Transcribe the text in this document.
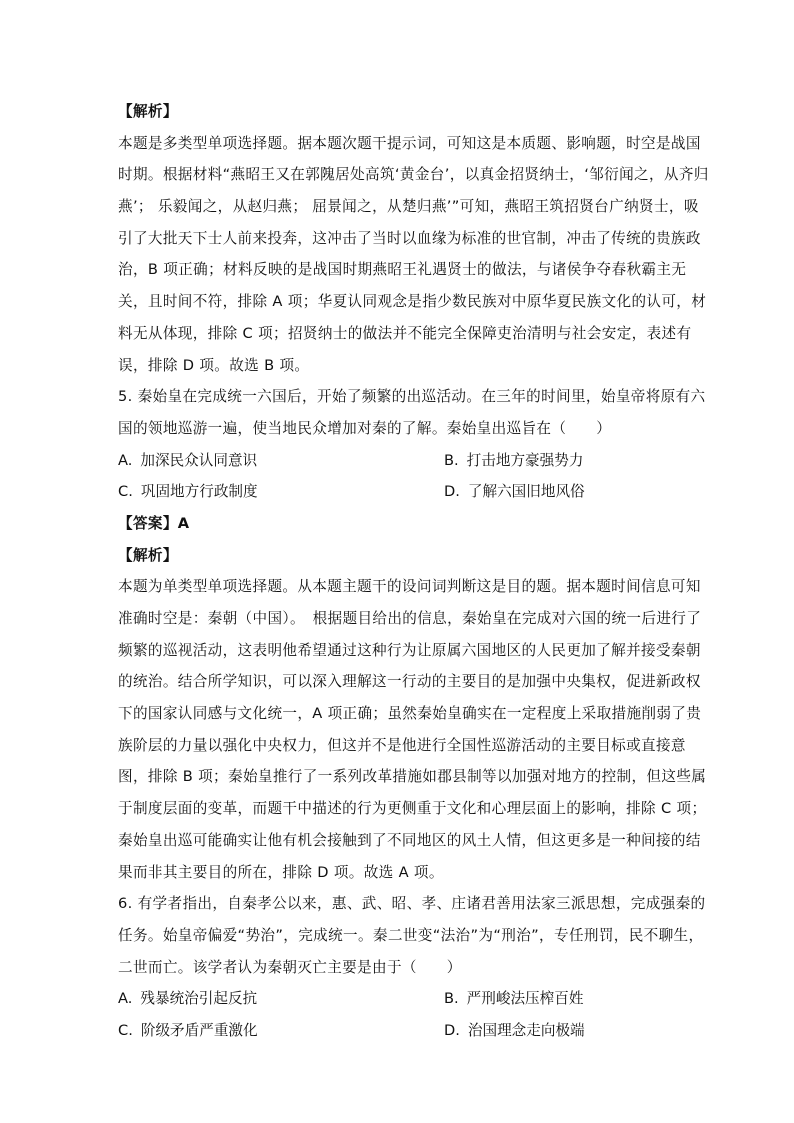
【解析】
本题是多类型单项选择题。据本题次题干提示词，可知这是本质题、影响题，时空是战国
时期。根据材料“燕昭王又在郭隗居处高筑‘黄金台’，以真金招贤纳士，‘邹衍闻之，从齐归
燕’； 乐毅闻之，从赵归燕； 屈景闻之，从楚归燕’”可知，燕昭王筑招贤台广纳贤士，吸
引了大批天下士人前来投奔，这冲击了当时以血缘为标准的世官制，冲击了传统的贵族政
治，B 项正确；材料反映的是战国时期燕昭王礼遇贤士的做法，与诸侯争夺春秋霸主无
关，且时间不符，排除 A 项；华夏认同观念是指少数民族对中原华夏民族文化的认可，材
料无从体现，排除 C 项；招贤纳士的做法并不能完全保障吏治清明与社会安定，表述有
误，排除 D 项。故选 B 项。
5. 秦始皇在完成统一六国后，开始了频繁的出巡活动。在三年的时间里，始皇帝将原有六
国的领地巡游一遍，使当地民众增加对秦的了解。秦始皇出巡旨在（　　）
A. 加深民众认同意识	B. 打击地方豪强势力
C. 巩固地方行政制度	D. 了解六国旧地风俗
【答案】A
【解析】
本题为单类型单项选择题。从本题主题干的设问词判断这是目的题。据本题时间信息可知
准确时空是：秦朝（中国）。　根据题目给出的信息，秦始皇在完成对六国的统一后进行了
频繁的巡视活动，这表明他希望通过这种行为让原属六国地区的人民更加了解并接受秦朝
的统治。结合所学知识，可以深入理解这一行动的主要目的是加强中央集权，促进新政权
下的国家认同感与文化统一，A 项正确；虽然秦始皇确实在一定程度上采取措施削弱了贵
族阶层的力量以强化中央权力，但这并不是他进行全国性巡游活动的主要目标或直接意
图，排除 B 项；秦始皇推行了一系列改革措施如郡县制等以加强对地方的控制，但这些属
于制度层面的变革，而题干中描述的行为更侧重于文化和心理层面上的影响，排除 C 项；
秦始皇出巡可能确实让他有机会接触到了不同地区的风土人情，但这更多是一种间接的结
果而非其主要目的所在，排除 D 项。故选 A 项。
6. 有学者指出，自秦孝公以来，惠、武、昭、孝、庄诸君善用法家三派思想，完成强秦的
任务。始皇帝偏爱“势治”，完成统一。秦二世变“法治”为“刑治”，专任刑罚，民不聊生，
二世而亡。该学者认为秦朝灭亡主要是由于（　　）
A. 残暴统治引起反抗	B. 严刑峻法压榨百姓
C. 阶级矛盾严重激化	D. 治国理念走向极端
